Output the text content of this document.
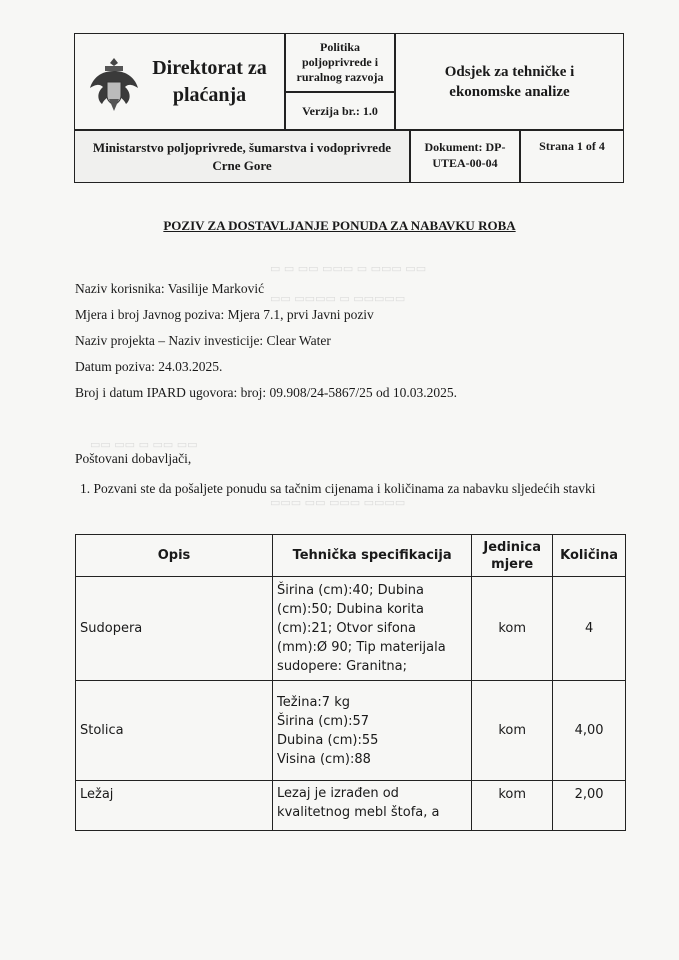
▭ ▭ ▭▭ ▭▭▭ ▭ ▭▭▭ ▭▭
▭▭ ▭▭▭▭ ▭ ▭▭▭▭▭
▭▭ ▭▭ ▭ ▭▭ ▭▭
▭▭▭ ▭▭ ▭▭▭ ▭▭▭▭
Direktorat za plaćanja
Politika poljoprivrede i ruralnog razvoja
Verzija br.: 1.0
Odsjek za tehničke i ekonomske analize
Ministarstvo poljoprivrede, šumarstva i vodoprivrede Crne Gore
Dokument: DP-UTEA-00-04
Strana 1 of 4
POZIV ZA DOSTAVLJANJE PONUDA ZA NABAVKU ROBA
Naziv korisnika: Vasilije Marković
Mjera i broj Javnog poziva: Mjera 7.1, prvi Javni poziv
Naziv projekta – Naziv investicije: Clear Water
Datum poziva: 24.03.2025.
Broj i datum IPARD ugovora: broj: 09.908/24-5867/25 od 10.03.2025.
Poštovani dobavljači,
1. Pozvani ste da pošaljete ponudu sa tačnim cijenama i količinama za nabavku sljedećih stavki
Opis	Tehnička specifikacija	Jedinica mjere	Količina
Sudopera	Širina (cm):40; Dubina
(cm):50; Dubina korita
(cm):21; Otvor sifona
(mm):Ø 90; Tip materijala
sudopere: Granitna;	kom	4
Stolica	Težina:7 kg
Širina (cm):57
Dubina (cm):55
Visina (cm):88	kom	4,00
Ležaj	Lezaj je izrađen od
kvalitetnog mebl štofa, a	kom	2,00
